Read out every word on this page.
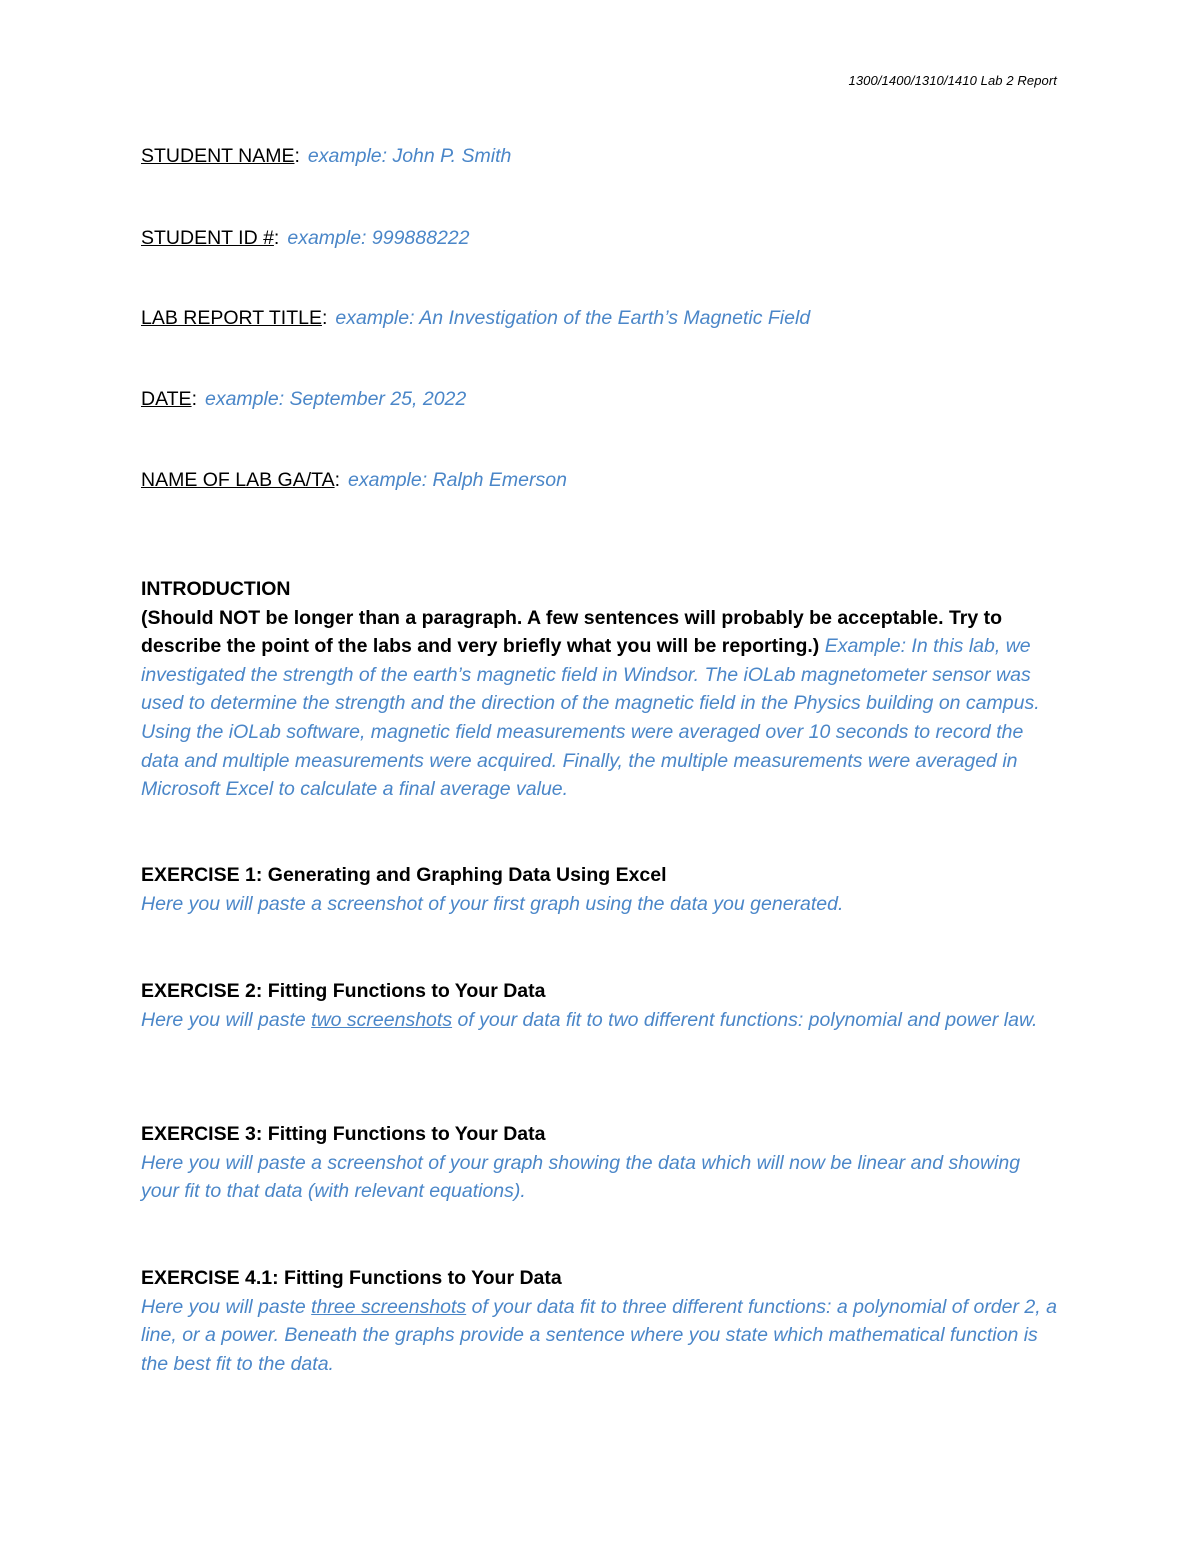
1300/1400/1310/1410 Lab 2 Report
STUDENT NAME: example: John P. Smith
STUDENT ID #: example: 999888222
LAB REPORT TITLE: example: An Investigation of the Earth’s Magnetic Field
DATE: example: September 25, 2022
NAME OF LAB GA/TA: example: Ralph Emerson
INTRODUCTION
(Should NOT be longer than a paragraph. A few sentences will probably be acceptable. Try to describe the point of the labs and very briefly what you will be reporting.) Example: In this lab, we investigated the strength of the earth’s magnetic field in Windsor. The iOLab magnetometer sensor was used to determine the strength and the direction of the magnetic field in the Physics building on campus. Using the iOLab software, magnetic field measurements were averaged over 10 seconds to record the data and multiple measurements were acquired. Finally, the multiple measurements were averaged in Microsoft Excel to calculate a final average value.
EXERCISE 1: Generating and Graphing Data Using Excel
Here you will paste a screenshot of your first graph using the data you generated.
EXERCISE 2: Fitting Functions to Your Data
Here you will paste two screenshots of your data fit to two different functions: polynomial and power law.
EXERCISE 3: Fitting Functions to Your Data
Here you will paste a screenshot of your graph showing the data which will now be linear and showing your fit to that data (with relevant equations).
EXERCISE 4.1: Fitting Functions to Your Data
Here you will paste three screenshots of your data fit to three different functions: a polynomial of order 2, a line, or a power. Beneath the graphs provide a sentence where you state which mathematical function is the best fit to the data.
